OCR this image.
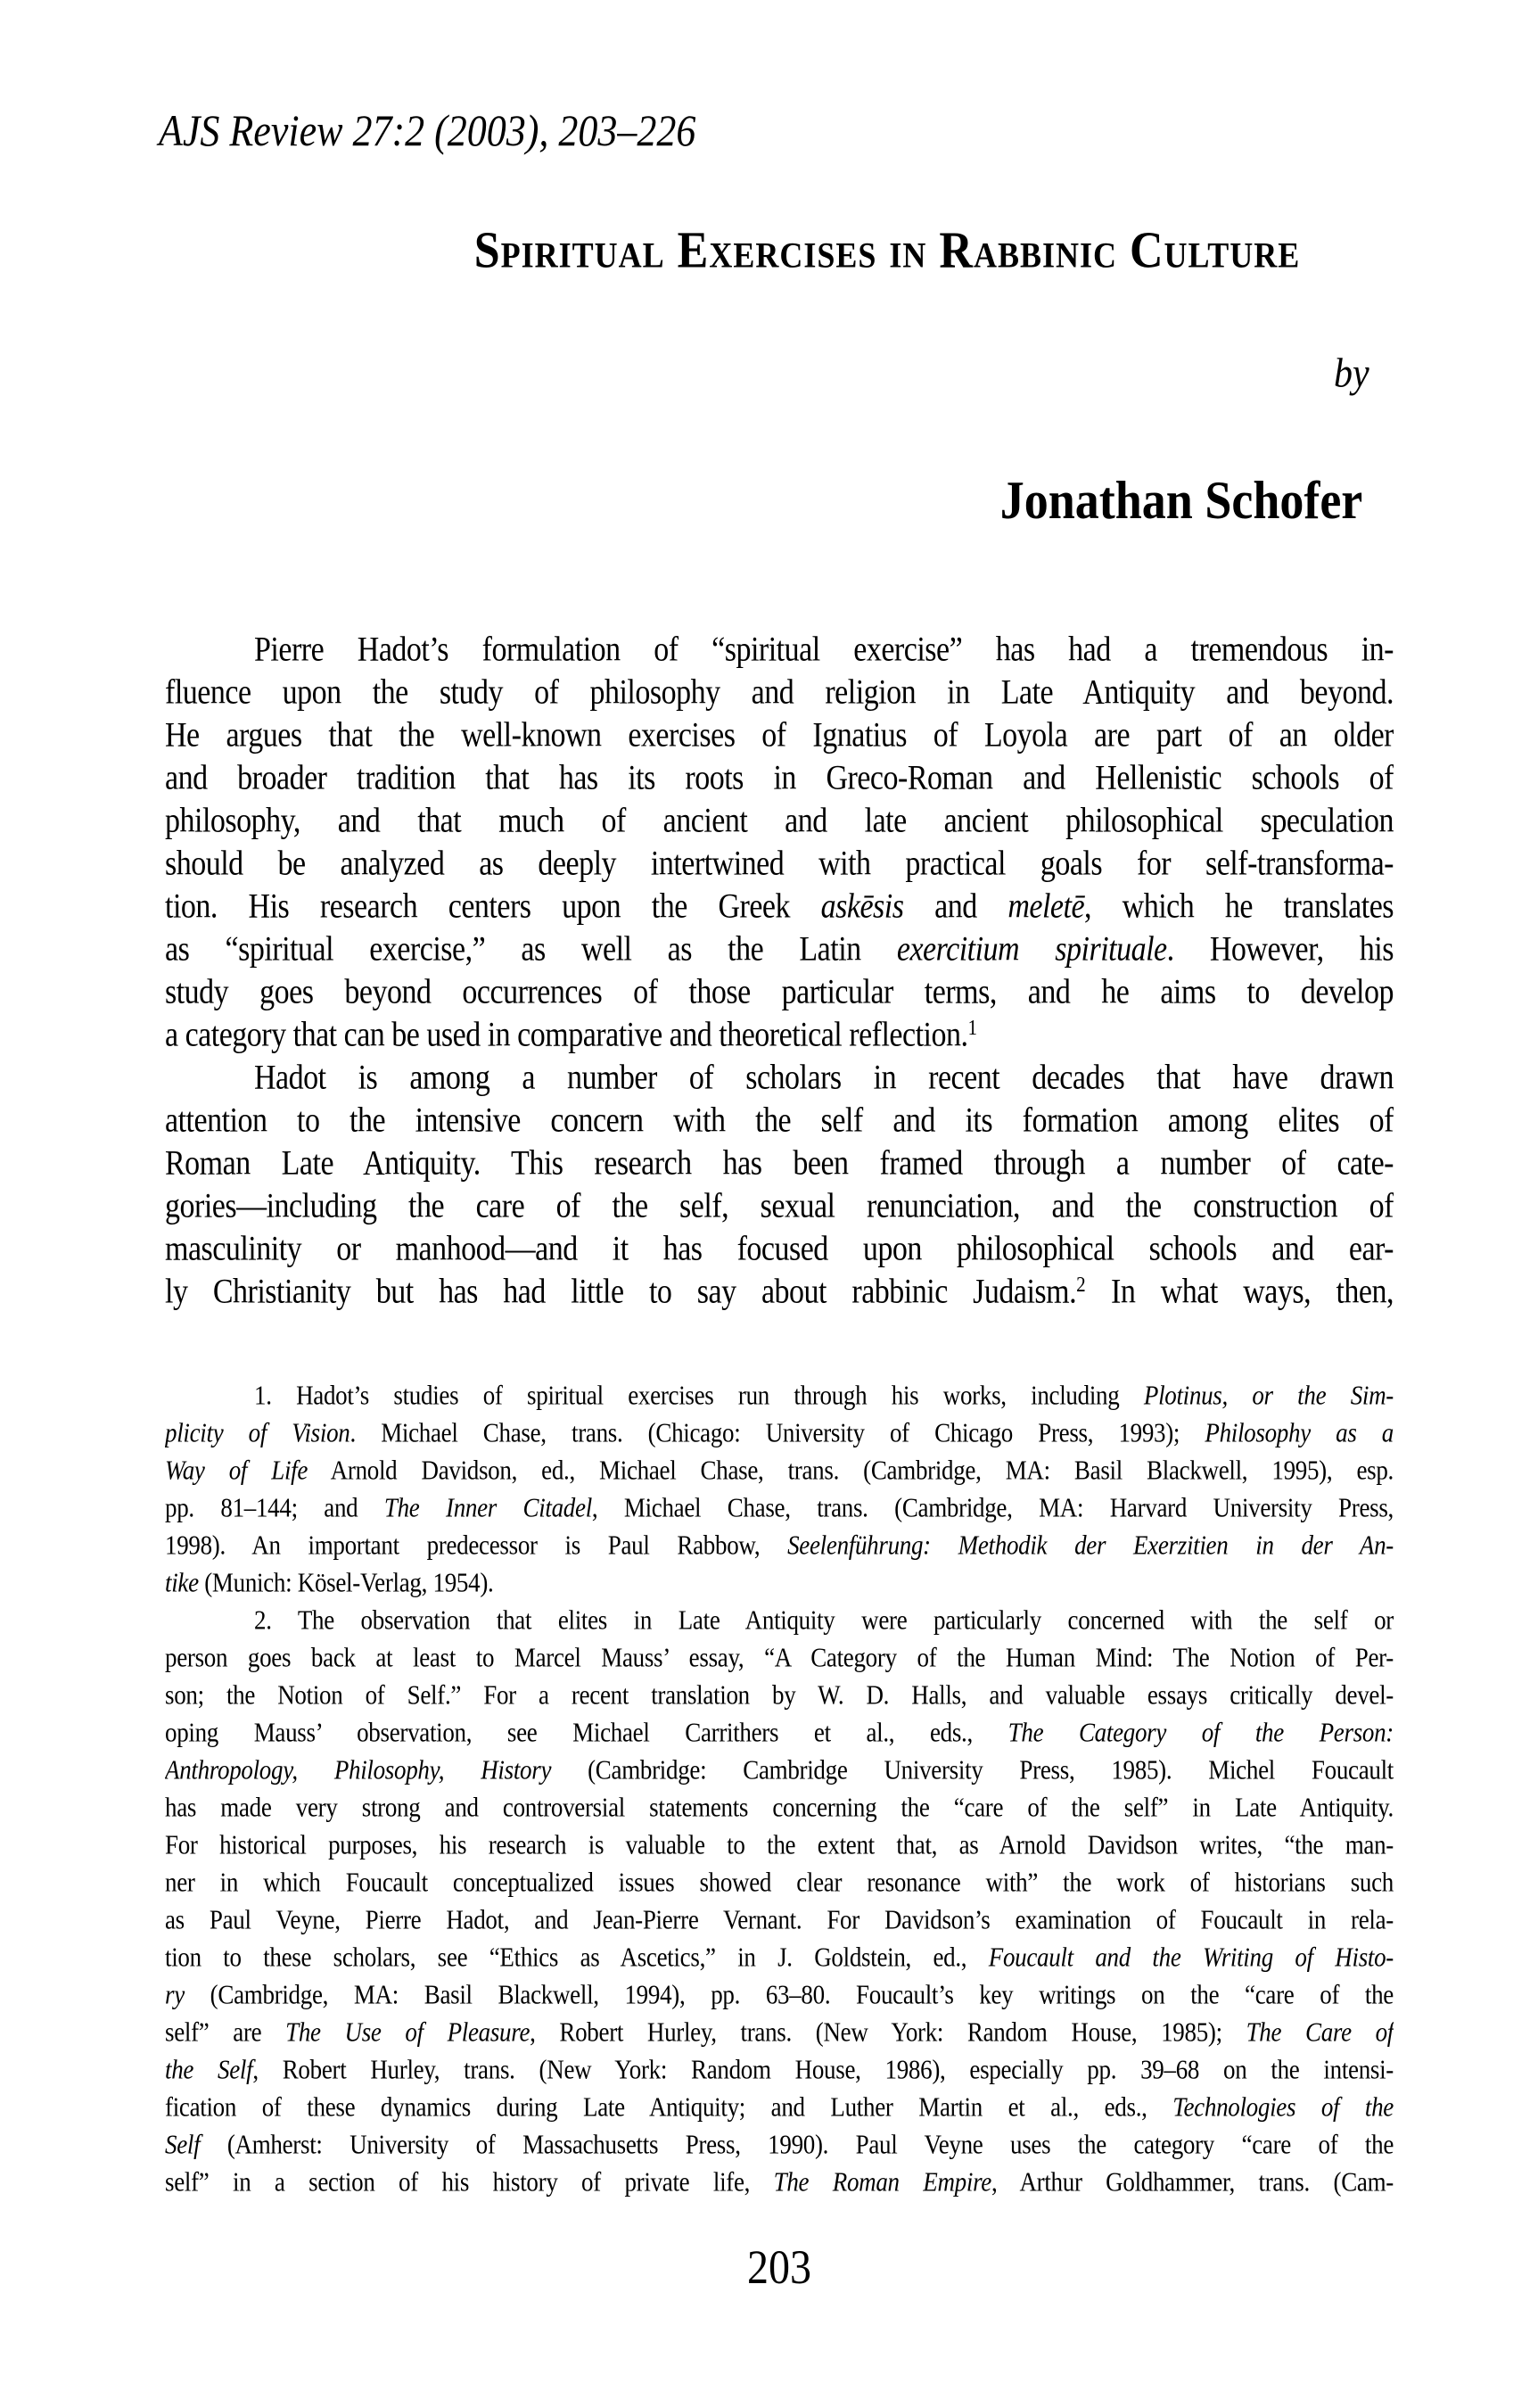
AJS Review 27:2 (2003), 203–226
Spiritual Exercises in Rabbinic Culture
by
Jonathan Schofer
Pierre Hadot’s formulation of “spiritual exercise” has had a tremendous in-
fluence upon the study of philosophy and religion in Late Antiquity and beyond.
He argues that the well-known exercises of Ignatius of Loyola are part of an older
and broader tradition that has its roots in Greco-Roman and Hellenistic schools of
philosophy, and that much of ancient and late ancient philosophical speculation
should be analyzed as deeply intertwined with practical goals for self-transforma-
tion. His research centers upon the Greek askēsis and meletē, which he translates
as “spiritual exercise,” as well as the Latin exercitium spirituale. However, his
study goes beyond occurrences of those particular terms, and he aims to develop
a category that can be used in comparative and theoretical reflection.$^1$
Hadot is among a number of scholars in recent decades that have drawn
attention to the intensive concern with the self and its formation among elites of
Roman Late Antiquity. This research has been framed through a number of cate-
gories—including the care of the self, sexual renunciation, and the construction of
masculinity or manhood—and it has focused upon philosophical schools and ear-
ly Christianity but has had little to say about rabbinic Judaism.$^2$ In what ways, then,
1. Hadot’s studies of spiritual exercises run through his works, including Plotinus, or the Sim-
plicity of Vision. Michael Chase, trans. (Chicago: University of Chicago Press, 1993); Philosophy as a
Way of Life Arnold Davidson, ed., Michael Chase, trans. (Cambridge, MA: Basil Blackwell, 1995), esp.
pp. 81–144; and The Inner Citadel, Michael Chase, trans. (Cambridge, MA: Harvard University Press,
1998). An important predecessor is Paul Rabbow, Seelenführung: Methodik der Exerzitien in der An-
tike (Munich: Kösel-Verlag, 1954).
2. The observation that elites in Late Antiquity were particularly concerned with the self or
person goes back at least to Marcel Mauss’ essay, “A Category of the Human Mind: The Notion of Per-
son; the Notion of Self.” For a recent translation by W. D. Halls, and valuable essays critically devel-
oping Mauss’ observation, see Michael Carrithers et al., eds., The Category of the Person:
Anthropology, Philosophy, History (Cambridge: Cambridge University Press, 1985). Michel Foucault
has made very strong and controversial statements concerning the “care of the self” in Late Antiquity.
For historical purposes, his research is valuable to the extent that, as Arnold Davidson writes, “the man-
ner in which Foucault conceptualized issues showed clear resonance with” the work of historians such
as Paul Veyne, Pierre Hadot, and Jean-Pierre Vernant. For Davidson’s examination of Foucault in rela-
tion to these scholars, see “Ethics as Ascetics,” in J. Goldstein, ed., Foucault and the Writing of Histo-
ry (Cambridge, MA: Basil Blackwell, 1994), pp. 63–80. Foucault’s key writings on the “care of the
self” are The Use of Pleasure, Robert Hurley, trans. (New York: Random House, 1985); The Care of
the Self, Robert Hurley, trans. (New York: Random House, 1986), especially pp. 39–68 on the intensi-
fication of these dynamics during Late Antiquity; and Luther Martin et al., eds., Technologies of the
Self (Amherst: University of Massachusetts Press, 1990). Paul Veyne uses the category “care of the
self” in a section of his history of private life, The Roman Empire, Arthur Goldhammer, trans. (Cam-
203
